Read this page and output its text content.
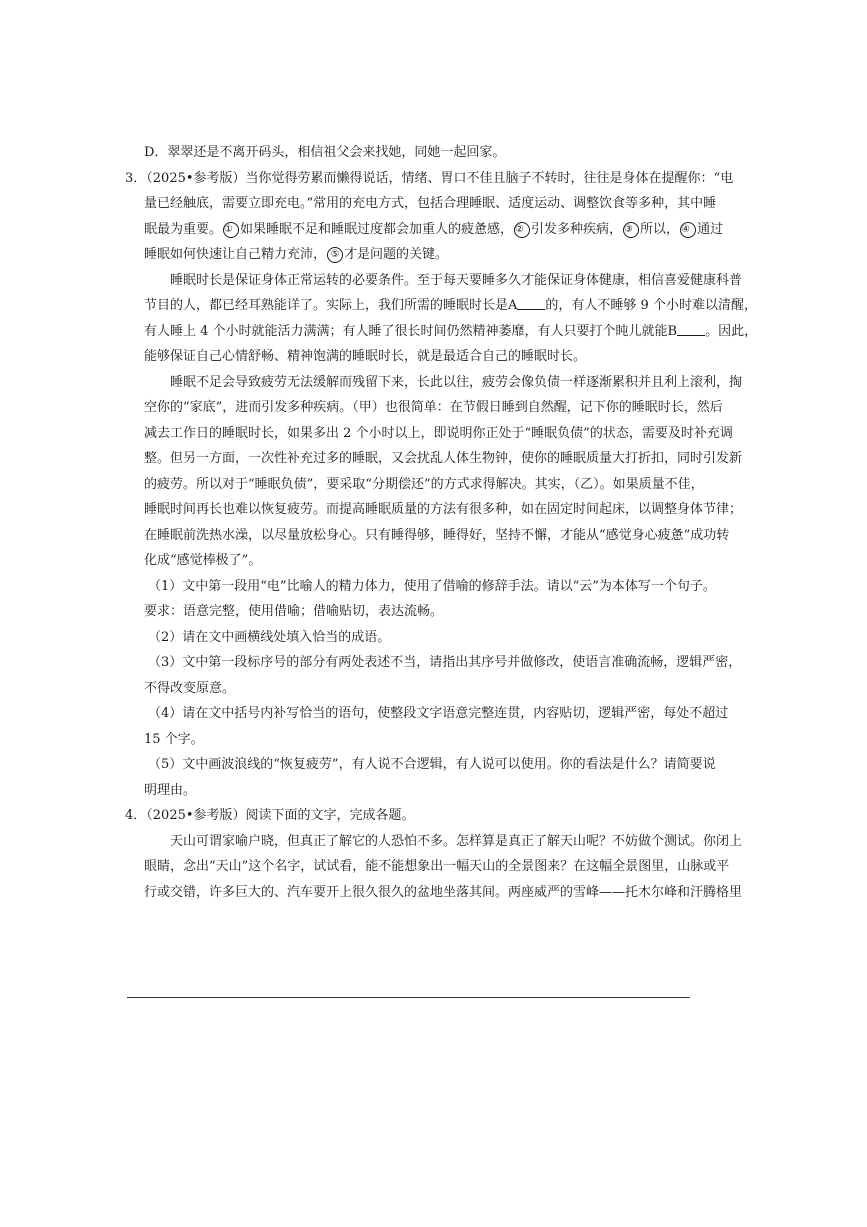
D．翠翠还是不离开码头，相信祖父会来找她，同她一起回家。
3．（2025•参考版）当你觉得劳累而懒得说话，情绪、胃口不佳且脑子不转时，往往是身体在提醒你：“电
量已经触底，需要立即充电。”常用的充电方式，包括合理睡眠、适度运动、调整饮食等多种，其中睡
眠最为重要。 ① 如果睡眠不足和睡眠过度都会加重人的疲惫感， ② 引发多种疾病， ③ 所以， ④ 通过
睡眠如何快速让自己精力充沛， ⑤ 才是问题的关键。
睡眠时长是保证身体正常运转的必要条件。至于每天要睡多久才能保证身体健康，相信喜爱健康科普
节目的人，都已经耳熟能详了。实际上，我们所需的睡眠时长是A 的，有人不睡够 9 个小时难以清醒，
有人睡上 4 个小时就能活力满满；有人睡了很长时间仍然精神萎靡，有人只要打个盹儿就能B 。因此，
能够保证自己心情舒畅、精神饱满的睡眠时长，就是最适合自己的睡眠时长。
睡眠不足会导致疲劳无法缓解而残留下来，长此以往，疲劳会像负债一样逐渐累积并且利上滚利，掏
空你的“家底”，进而引发多种疾病。（甲）也很简单：在节假日睡到自然醒，记下你的睡眠时长，然后
减去工作日的睡眠时长，如果多出 2 个小时以上，即说明你正处于“睡眠负债”的状态，需要及时补充调
整。但另一方面，一次性补充过多的睡眠，又会扰乱人体生物钟，使你的睡眠质量大打折扣，同时引发新
的疲劳。所以对于“睡眠负债”，要采取“分期偿还”的方式求得解决。其实，（乙）。如果质量不佳，
睡眠时间再长也难以恢复疲劳。而提高睡眠质量的方法有很多种，如在固定时间起床，以调整身体节律；
在睡眠前洗热水澡，以尽量放松身心。只有睡得够，睡得好，坚持不懈，才能从“感觉身心疲惫”成功转
化成“感觉棒极了”。
（1）文中第一段用“电”比喻人的精力体力，使用了借喻的修辞手法。请以“云”为本体写一个句子。
要求：语意完整，使用借喻；借喻贴切，表达流畅。
（2）请在文中画横线处填入恰当的成语。
（3）文中第一段标序号的部分有两处表述不当，请指出其序号并做修改，使语言准确流畅，逻辑严密，
不得改变原意。
（4）请在文中括号内补写恰当的语句，使整段文字语意完整连贯，内容贴切，逻辑严密，每处不超过
15 个字。
（5）文中画波浪线的“恢复疲劳”，有人说不合逻辑，有人说可以使用。你的看法是什么？请简要说
明理由。
4．（2025•参考版）阅读下面的文字，完成各题。
天山可谓家喻户晓，但真正了解它的人恐怕不多。怎样算是真正了解天山呢？不妨做个测试。你闭上
眼睛，念出“天山”这个名字，试试看，能不能想象出一幅天山的全景图来？在这幅全景图里，山脉或平
行或交错，许多巨大的、汽车要开上很久很久的盆地坐落其间。两座威严的雪峰——托木尔峰和汗腾格里
